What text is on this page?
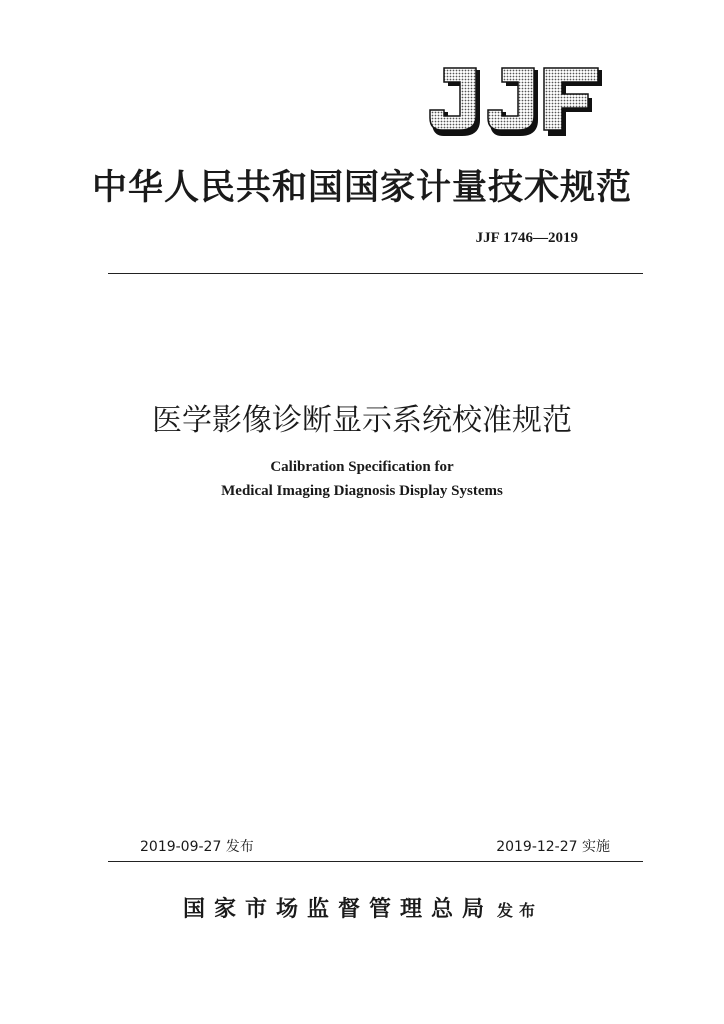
中华人民共和国国家计量技术规范
JJF 1746—2019
医学影像诊断显示系统校准规范
Calibration Specification for
Medical Imaging Diagnosis Display Systems
2019-09-27 发布	2019-12-27 实施
国家市场监督管理总局 发布
